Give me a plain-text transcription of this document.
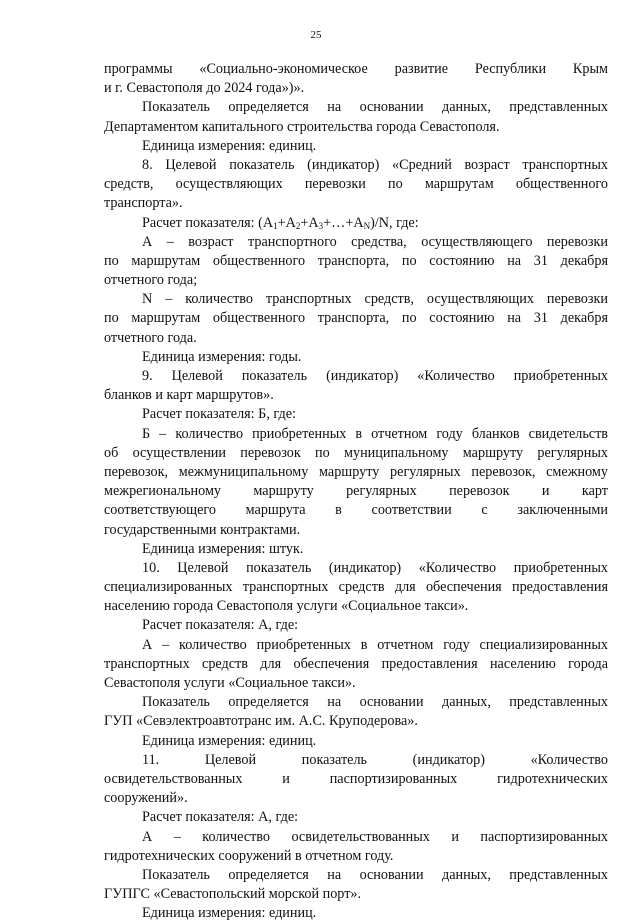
25
программы «Социально-экономическое развитие Республики Крым
и г. Севастополя до 2024 года»)».
Показатель определяется на основании данных, представленных
Департаментом капитального строительства города Севастополя.
Единица измерения: единиц.
8. Целевой показатель (индикатор) «Средний возраст транспортных
средств, осуществляющих перевозки по маршрутам общественного
транспорта».
Расчет показателя: $(A_1+A_2+A_3+\dots+A_N)/N$, где:
А – возраст транспортного средства, осуществляющего перевозки
по маршрутам общественного транспорта, по состоянию на 31 декабря
отчетного года;
N – количество транспортных средств, осуществляющих перевозки
по маршрутам общественного транспорта, по состоянию на 31 декабря
отчетного года.
Единица измерения: годы.
9. Целевой показатель (индикатор) «Количество приобретенных
бланков и карт маршрутов».
Расчет показателя: Б, где:
Б – количество приобретенных в отчетном году бланков свидетельств
об осуществлении перевозок по муниципальному маршруту регулярных
перевозок, межмуниципальному маршруту регулярных перевозок, смежному
межрегиональному маршруту регулярных перевозок и карт
соответствующего маршрута в соответствии с заключенными
государственными контрактами.
Единица измерения: штук.
10. Целевой показатель (индикатор) «Количество приобретенных
специализированных транспортных средств для обеспечения предоставления
населению города Севастополя услуги «Социальное такси».
Расчет показателя: А, где:
А – количество приобретенных в отчетном году специализированных
транспортных средств для обеспечения предоставления населению города
Севастополя услуги «Социальное такси».
Показатель определяется на основании данных, представленных
ГУП «Севэлектроавтотранс им. А.С. Круподерова».
Единица измерения: единиц.
11. Целевой показатель (индикатор) «Количество
освидетельствованных и паспортизированных гидротехнических
сооружений».
Расчет показателя: А, где:
А – количество освидетельствованных и паспортизированных
гидротехнических сооружений в отчетном году.
Показатель определяется на основании данных, представленных
ГУПГС «Севастопольский морской порт».
Единица измерения: единиц.
